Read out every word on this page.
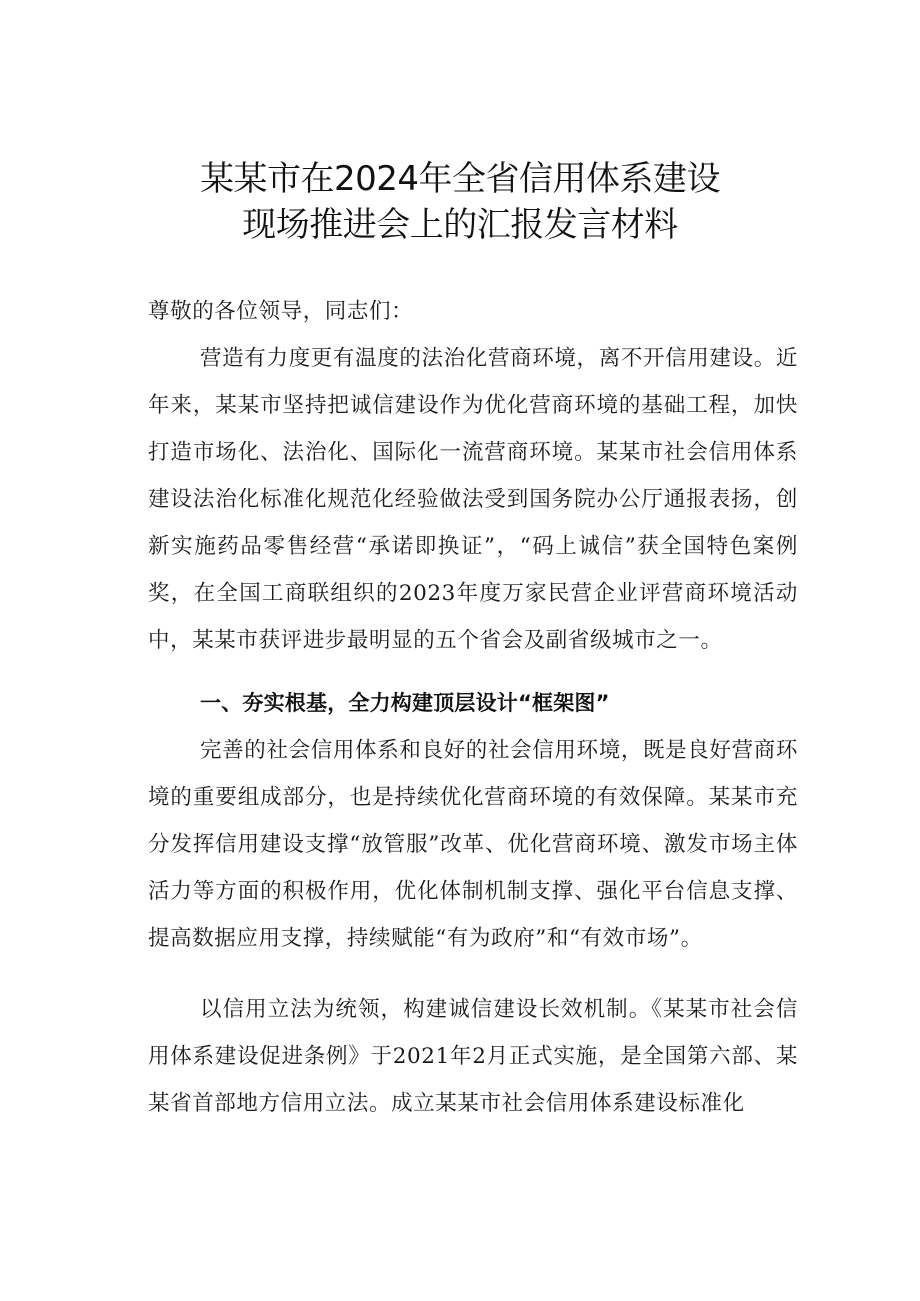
某某市在2024年全省信用体系建设
现场推进会上的汇报发言材料

尊敬的各位领导，同志们：

营造有力度更有温度的法治化营商环境，离不开信用建设。近年来，某某市坚持把诚信建设作为优化营商环境的基础工程，加快打造市场化、法治化、国际化一流营商环境。某某市社会信用体系建设法治化标准化规范化经验做法受到国务院办公厅通报表扬，创新实施药品零售经营“承诺即换证”，“码上诚信”获全国特色案例奖，在全国工商联组织的2023年度万家民营企业评营商环境活动中，某某市获评进步最明显的五个省会及副省级城市之一。

一、夯实根基，全力构建顶层设计“框架图”

完善的社会信用体系和良好的社会信用环境，既是良好营商环境的重要组成部分，也是持续优化营商环境的有效保障。某某市充分发挥信用建设支撑“放管服”改革、优化营商环境、激发市场主体活力等方面的积极作用，优化体制机制支撑、强化平台信息支撑、提高数据应用支撑，持续赋能“有为政府”和“有效市场”。

以信用立法为统领，构建诚信建设长效机制。《某某市社会信用体系建设促进条例》于2021年2月正式实施，是全国第六部、某某省首部地方信用立法。成立某某市社会信用体系建设标准化
